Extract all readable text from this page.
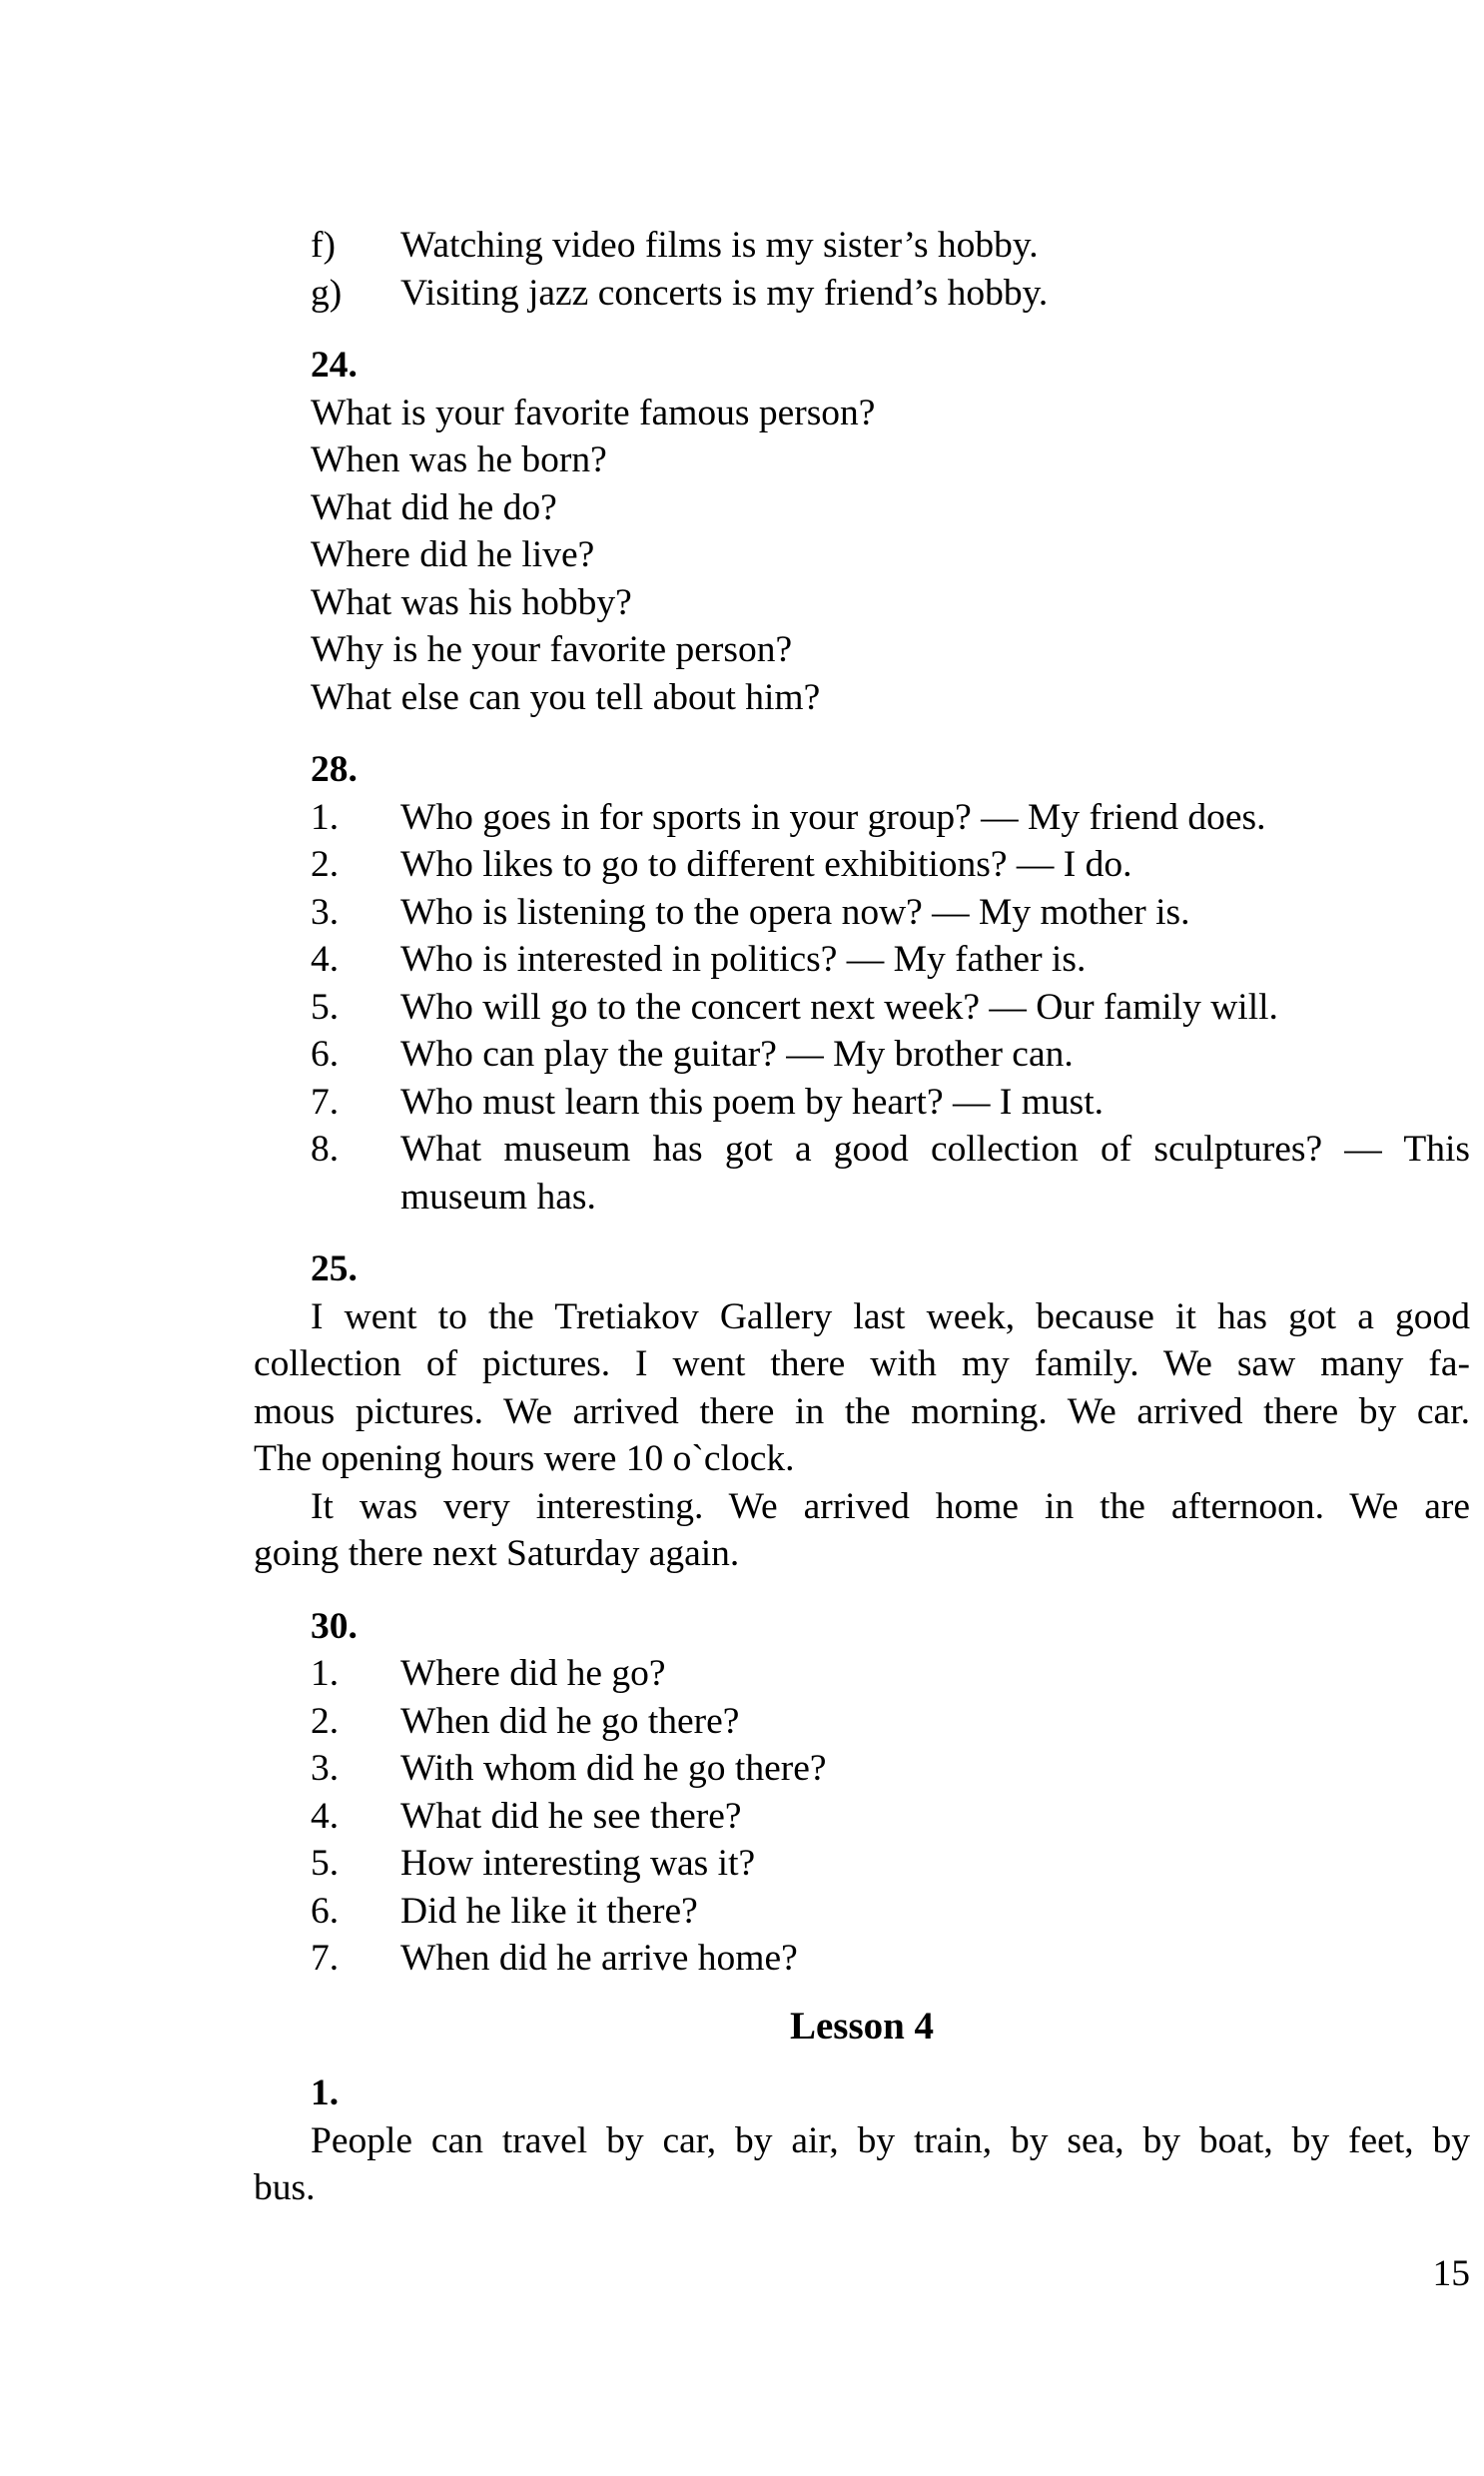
f) Watching video films is my sister’s hobby.
g) Visiting jazz concerts is my friend’s hobby.
24.
What is your favorite famous person?
When was he born?
What did he do?
Where did he live?
What was his hobby?
Why is he your favorite person?
What else can you tell about him?
28.
1. Who goes in for sports in your group? — My friend does.
2. Who likes to go to different exhibitions? — I do.
3. Who is listening to the opera now? — My mother is.
4. Who is interested in politics? — My father is.
5. Who will go to the concert next week? — Our family will.
6. Who can play the guitar? — My brother can.
7. Who must learn this poem by heart? — I must.
8. What museum has got a good collection of sculptures? — This
museum has.
25.
I went to the Tretiakov Gallery last week, because it has got a good
collection of pictures. I went there with my family. We saw many fa-
mous pictures. We arrived there in the morning. We arrived there by car.
The opening hours were 10 o`clock.
It was very interesting. We arrived home in the afternoon. We are
going there next Saturday again.
30.
1. Where did he go?
2. When did he go there?
3. With whom did he go there?
4. What did he see there?
5. How interesting was it?
6. Did he like it there?
7. When did he arrive home?
Lesson 4
1.
People can travel by car, by air, by train, by sea, by boat, by feet, by
bus.
15
